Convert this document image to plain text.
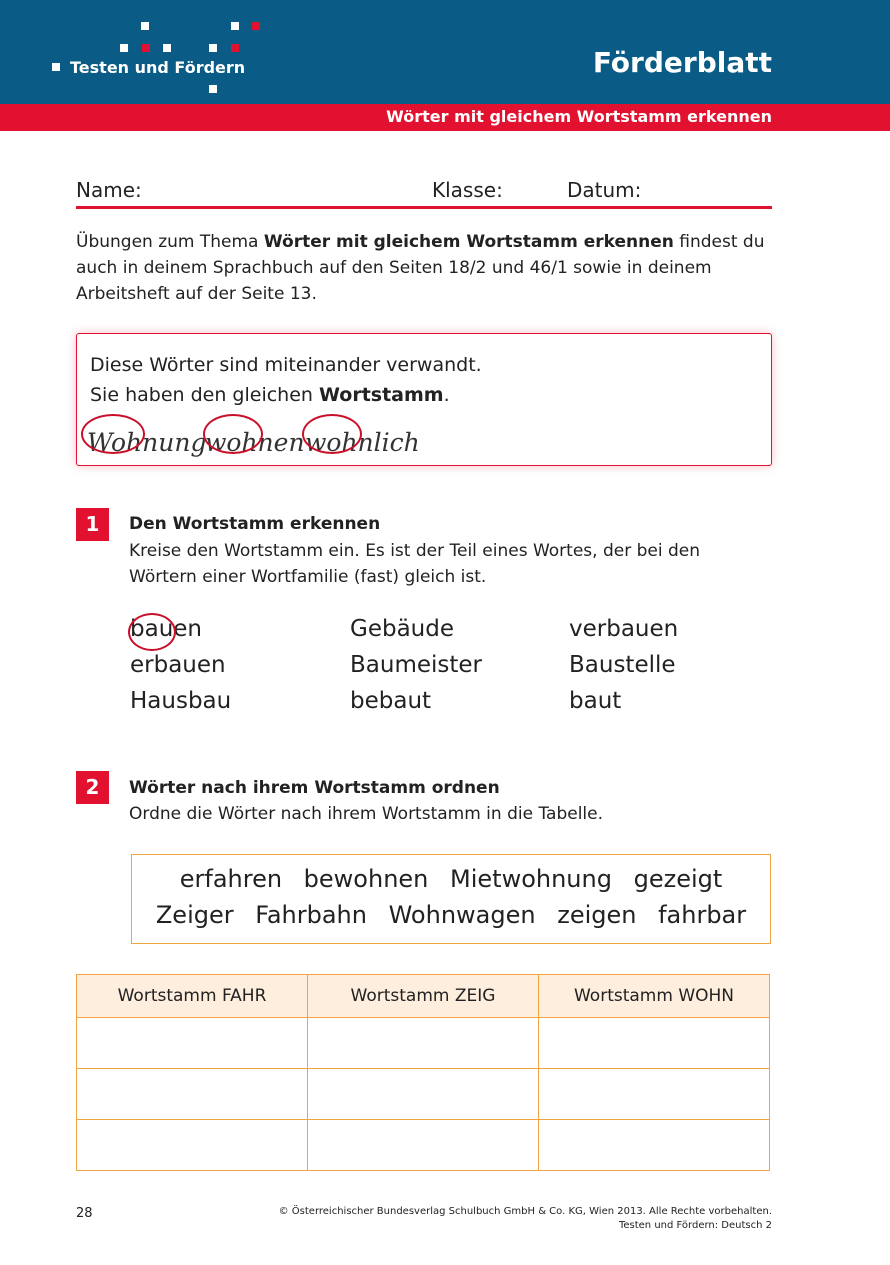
Testen und Fördern	Förderblatt
Wörter mit gleichem Wortstamm erkennen
Name:	Klasse:	Datum:
Übungen zum Thema Wörter mit gleichem Wortstamm erkennen findest du auch in deinem Sprachbuch auf den Seiten 18/2 und 46/1 sowie in deinem Arbeitsheft auf der Seite 13.
Diese Wörter sind miteinander verwandt.
Sie haben den gleichen Wortstamm.
Wohnung
wohnen wohnlich
1	Den Wortstamm erkennen
Kreise den Wortstamm ein. Es ist der Teil eines Wortes, der bei den Wörtern einer Wortfamilie (fast) gleich ist.
bauen	Gebäude	verbauen
erbauen	Baumeister	Baustelle
Hausbau	bebaut	baut
2	Wörter nach ihrem Wortstamm ordnen
Ordne die Wörter nach ihrem Wortstamm in die Tabelle.
erfahren bewohnen Mietwohnung gezeigt
Zeiger Fahrbahn Wohnwagen zeigen fahrbar
Wortstamm FAHR	Wortstamm ZEIG	Wortstamm WOHN

28	© Österreichischer Bundesverlag Schulbuch GmbH & Co. KG, Wien 2013. Alle Rechte vorbehalten.
Testen und Fördern: Deutsch 2
